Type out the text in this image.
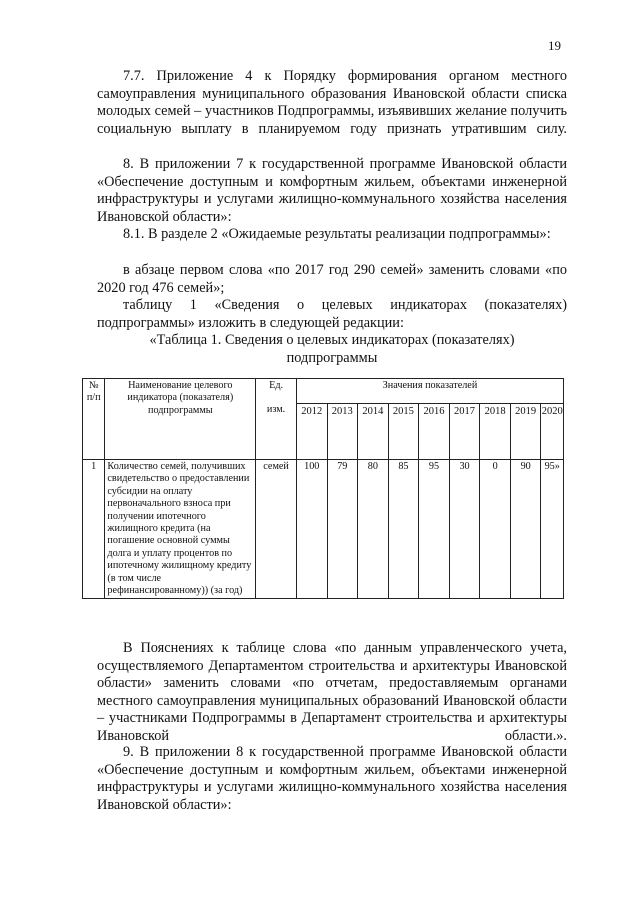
19

7.7. Приложение 4 к Порядку формирования органом местного самоуправления муниципального образования Ивановской области списка молодых семей – участников Подпрограммы, изъявивших желание получить социальную выплату в планируемом году признать утратившим силу.

8. В приложении 7 к государственной программе Ивановской области «Обеспечение доступным и комфортным жильем, объектами инженерной инфраструктуры и услугами жилищно-коммунального хозяйства населения Ивановской области»:

8.1. В разделе 2 «Ожидаемые результаты реализации подпрограммы»:

в абзаце первом слова «по 2017 год 290 семей» заменить словами «по 2020 год 476 семей»;

таблицу 1 «Сведения о целевых индикаторах (показателях) подпрограммы» изложить в следующей редакции:

«Таблица 1. Сведения о целевых индикаторах (показателях)
подпрограммы
№ п/п	Наименование целевого индикатора (показателя) подпрограммы	Ед.	Значения показателей								
		изм.	2012	2013	2014	2015	2016	2017	2018	2019	2020
1	Количество семей, получивших свидетельство о предоставлении субсидии на оплату первоначального взноса при получении ипотечного жилищного кредита (на погашение основной суммы долга и уплату процентов по ипотечному жилищному кредиту (в том числе рефинансированному)) (за год)	семей	100	79	80	85	95	30	0	90	95»

В Пояснениях к таблице слова «по данным управленческого учета, осуществляемого Департаментом строительства и архитектуры Ивановской области» заменить словами «по отчетам, предоставляемым органами местного самоуправления муниципальных образований Ивановской области – участниками Подпрограммы в Департамент строительства и архитектуры Ивановской области.».

9. В приложении 8 к государственной программе Ивановской области «Обеспечение доступным и комфортным жильем, объектами инженерной инфраструктуры и услугами жилищно-коммунального хозяйства населения Ивановской области»:
